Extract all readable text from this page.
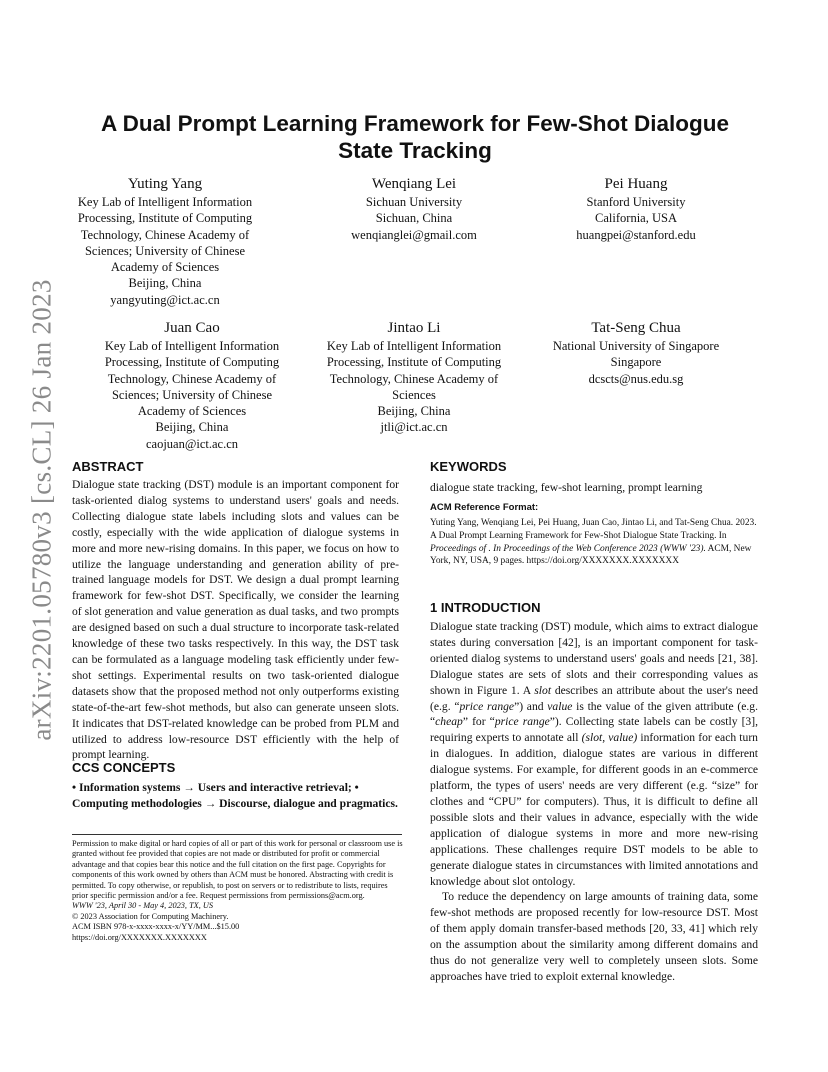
arXiv:2201.05780v3 [cs.CL] 26 Jan 2023
A Dual Prompt Learning Framework for Few-Shot Dialogue
State Tracking
Yuting Yang
Key Lab of Intelligent Information
Processing, Institute of Computing
Technology, Chinese Academy of
Sciences; University of Chinese
Academy of Sciences
Beijing, China
yangyuting@ict.ac.cn
Wenqiang Lei
Sichuan University
Sichuan, China
wenqianglei@gmail.com
Pei Huang
Stanford University
California, USA
huangpei@stanford.edu
Juan Cao
Key Lab of Intelligent Information
Processing, Institute of Computing
Technology, Chinese Academy of
Sciences; University of Chinese
Academy of Sciences
Beijing, China
caojuan@ict.ac.cn
Jintao Li
Key Lab of Intelligent Information
Processing, Institute of Computing
Technology, Chinese Academy of
Sciences
Beijing, China
jtli@ict.ac.cn
Tat-Seng Chua
National University of Singapore
Singapore
dcscts@nus.edu.sg
ABSTRACT

Dialogue state tracking (DST) module is an important component for task-oriented dialog systems to understand users' goals and needs. Collecting dialogue state labels including slots and values can be costly, especially with the wide application of dialogue systems in more and more new-rising domains. In this paper, we focus on how to utilize the language understanding and generation ability of pre-trained language models for DST. We design a dual prompt learning framework for few-shot DST. Specifically, we consider the learning of slot generation and value generation as dual tasks, and two prompts are designed based on such a dual structure to incorporate task-related knowledge of these two tasks respectively. In this way, the DST task can be formulated as a language modeling task efficiently under few-shot settings. Experimental results on two task-oriented dialogue datasets show that the proposed method not only outperforms existing state-of-the-art few-shot methods, but also can generate unseen slots. It indicates that DST-related knowledge can be probed from PLM and utilized to address low-resource DST efficiently with the help of prompt learning.

CCS CONCEPTS
• Information systems → Users and interactive retrieval; • Computing methodologies → Discourse, dialogue and pragmatics.

Permission to make digital or hard copies of all or part of this work for personal or classroom use is granted without fee provided that copies are not made or distributed for profit or commercial advantage and that copies bear this notice and the full citation on the first page. Copyrights for components of this work owned by others than ACM must be honored. Abstracting with credit is permitted. To copy otherwise, or republish, to post on servers or to redistribute to lists, requires prior specific permission and/or a fee. Request permissions from permissions@acm.org.

WWW '23, April 30 - May 4, 2023, TX, US

© 2023 Association for Computing Machinery.

ACM ISBN 978-x-xxxx-xxxx-x/YY/MM...$15.00

https://doi.org/XXXXXXX.XXXXXXX

KEYWORDS
dialogue state tracking, few-shot learning, prompt learning
ACM Reference Format:
Yuting Yang, Wenqiang Lei, Pei Huang, Juan Cao, Jintao Li, and Tat-Seng Chua. 2023. A Dual Prompt Learning Framework for Few-Shot Dialogue State Tracking. In Proceedings of . In Proceedings of the Web Conference 2023 (WWW '23). ACM, New York, NY, USA, 9 pages. https://doi.org/XXXXXXX.XXXXXXX
1 INTRODUCTION

Dialogue state tracking (DST) module, which aims to extract dialogue states during conversation [42], is an important component for task-oriented dialog systems to understand users' goals and needs [21, 38]. Dialogue states are sets of slots and their corresponding values as shown in Figure 1. A slot describes an attribute about the user's need (e.g. “price range”) and value is the value of the given attribute (e.g. “cheap” for “price range”). Collecting state labels can be costly [3], requiring experts to annotate all (slot, value) information for each turn in dialogues. In addition, dialogue states are various in different dialogue systems. For example, for different goods in an e-commerce platform, the types of users' needs are very different (e.g. “size” for clothes and “CPU” for computers). Thus, it is difficult to define all possible slots and their values in advance, especially with the wide application of dialogue systems in more and more new-rising applications. These challenges require DST models to be able to generate dialogue states in circumstances with limited annotations and knowledge about slot ontology.

To reduce the dependency on large amounts of training data, some few-shot methods are proposed recently for low-resource DST. Most of them apply domain transfer-based methods [20, 33, 41] which rely on the assumption about the similarity among different domains and thus do not generalize very well to completely unseen slots. Some approaches have tried to exploit external knowledge.
